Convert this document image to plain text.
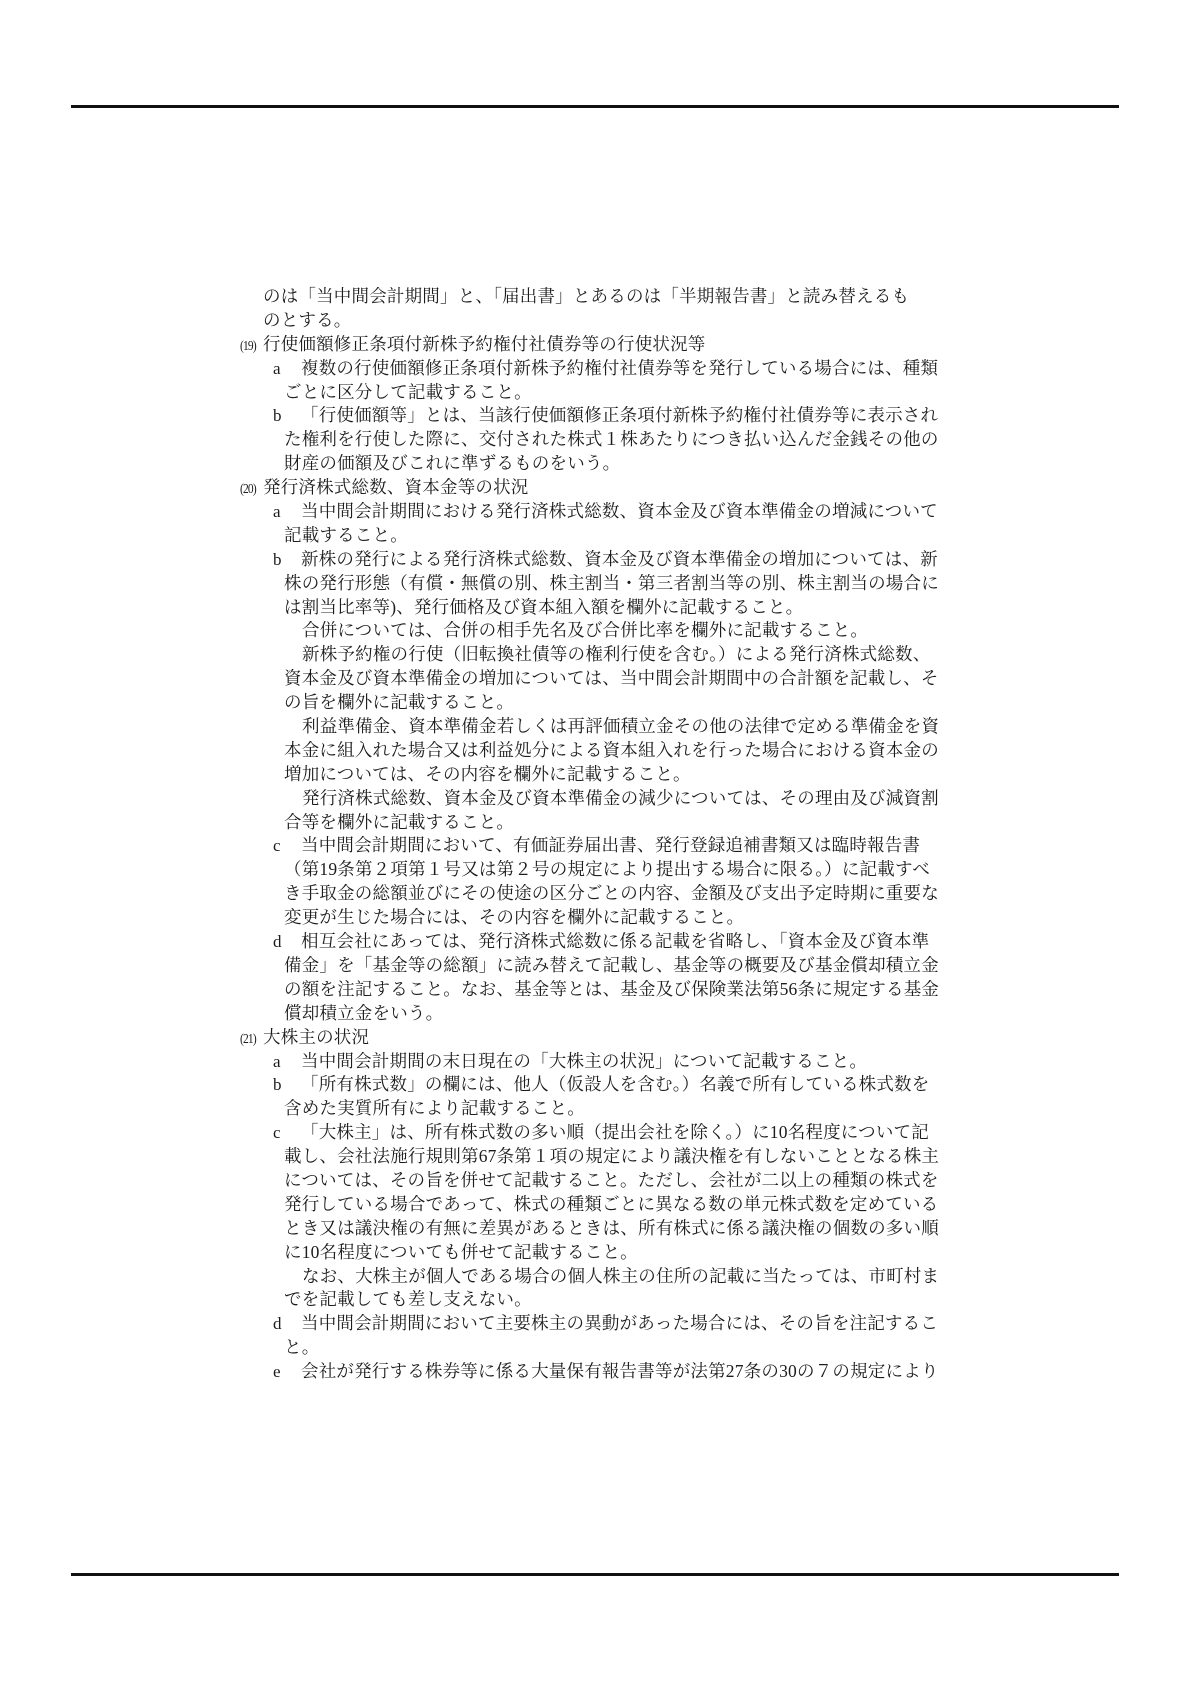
のは「当中間会計期間」と、「届出書」とあるのは「半期報告書」と読み替えるも
のとする。
(19) 行使価額修正条項付新株予約権付社債券等の行使状況等
a 複数の行使価額修正条項付新株予約権付社債券等を発行している場合には、種類
ごとに区分して記載すること。
b 「行使価額等」とは、当該行使価額修正条項付新株予約権付社債券等に表示され
た権利を行使した際に、交付された株式１株あたりにつき払い込んだ金銭その他の
財産の価額及びこれに準ずるものをいう。
(20) 発行済株式総数、資本金等の状況
a 当中間会計期間における発行済株式総数、資本金及び資本準備金の増減について
記載すること。
b 新株の発行による発行済株式総数、資本金及び資本準備金の増加については、新
株の発行形態（有償・無償の別、株主割当・第三者割当等の別、株主割当の場合に
は割当比率等)、発行価格及び資本組入額を欄外に記載すること。
合併については、合併の相手先名及び合併比率を欄外に記載すること。
新株予約権の行使（旧転換社債等の権利行使を含む。）による発行済株式総数、
資本金及び資本準備金の増加については、当中間会計期間中の合計額を記載し、そ
の旨を欄外に記載すること。
利益準備金、資本準備金若しくは再評価積立金その他の法律で定める準備金を資
本金に組入れた場合又は利益処分による資本組入れを行った場合における資本金の
増加については、その内容を欄外に記載すること。
発行済株式総数、資本金及び資本準備金の減少については、その理由及び減資割
合等を欄外に記載すること。
c 当中間会計期間において、有価証券届出書、発行登録追補書類又は臨時報告書
（第19条第２項第１号又は第２号の規定により提出する場合に限る。）に記載すべ
き手取金の総額並びにその使途の区分ごとの内容、金額及び支出予定時期に重要な
変更が生じた場合には、その内容を欄外に記載すること。
d 相互会社にあっては、発行済株式総数に係る記載を省略し、「資本金及び資本準
備金」を「基金等の総額」に読み替えて記載し、基金等の概要及び基金償却積立金
の額を注記すること。なお、基金等とは、基金及び保険業法第56条に規定する基金
償却積立金をいう。
(21) 大株主の状況
a 当中間会計期間の末日現在の「大株主の状況」について記載すること。
b 「所有株式数」の欄には、他人（仮設人を含む。）名義で所有している株式数を
含めた実質所有により記載すること。
c 「大株主」は、所有株式数の多い順（提出会社を除く。）に10名程度について記
載し、会社法施行規則第67条第１項の規定により議決権を有しないこととなる株主
については、その旨を併せて記載すること。ただし、会社が二以上の種類の株式を
発行している場合であって、株式の種類ごとに異なる数の単元株式数を定めている
とき又は議決権の有無に差異があるときは、所有株式に係る議決権の個数の多い順
に10名程度についても併せて記載すること。
なお、大株主が個人である場合の個人株主の住所の記載に当たっては、市町村ま
でを記載しても差し支えない。
d 当中間会計期間において主要株主の異動があった場合には、その旨を注記するこ
と。
e 会社が発行する株券等に係る大量保有報告書等が法第27条の30の７の規定により
